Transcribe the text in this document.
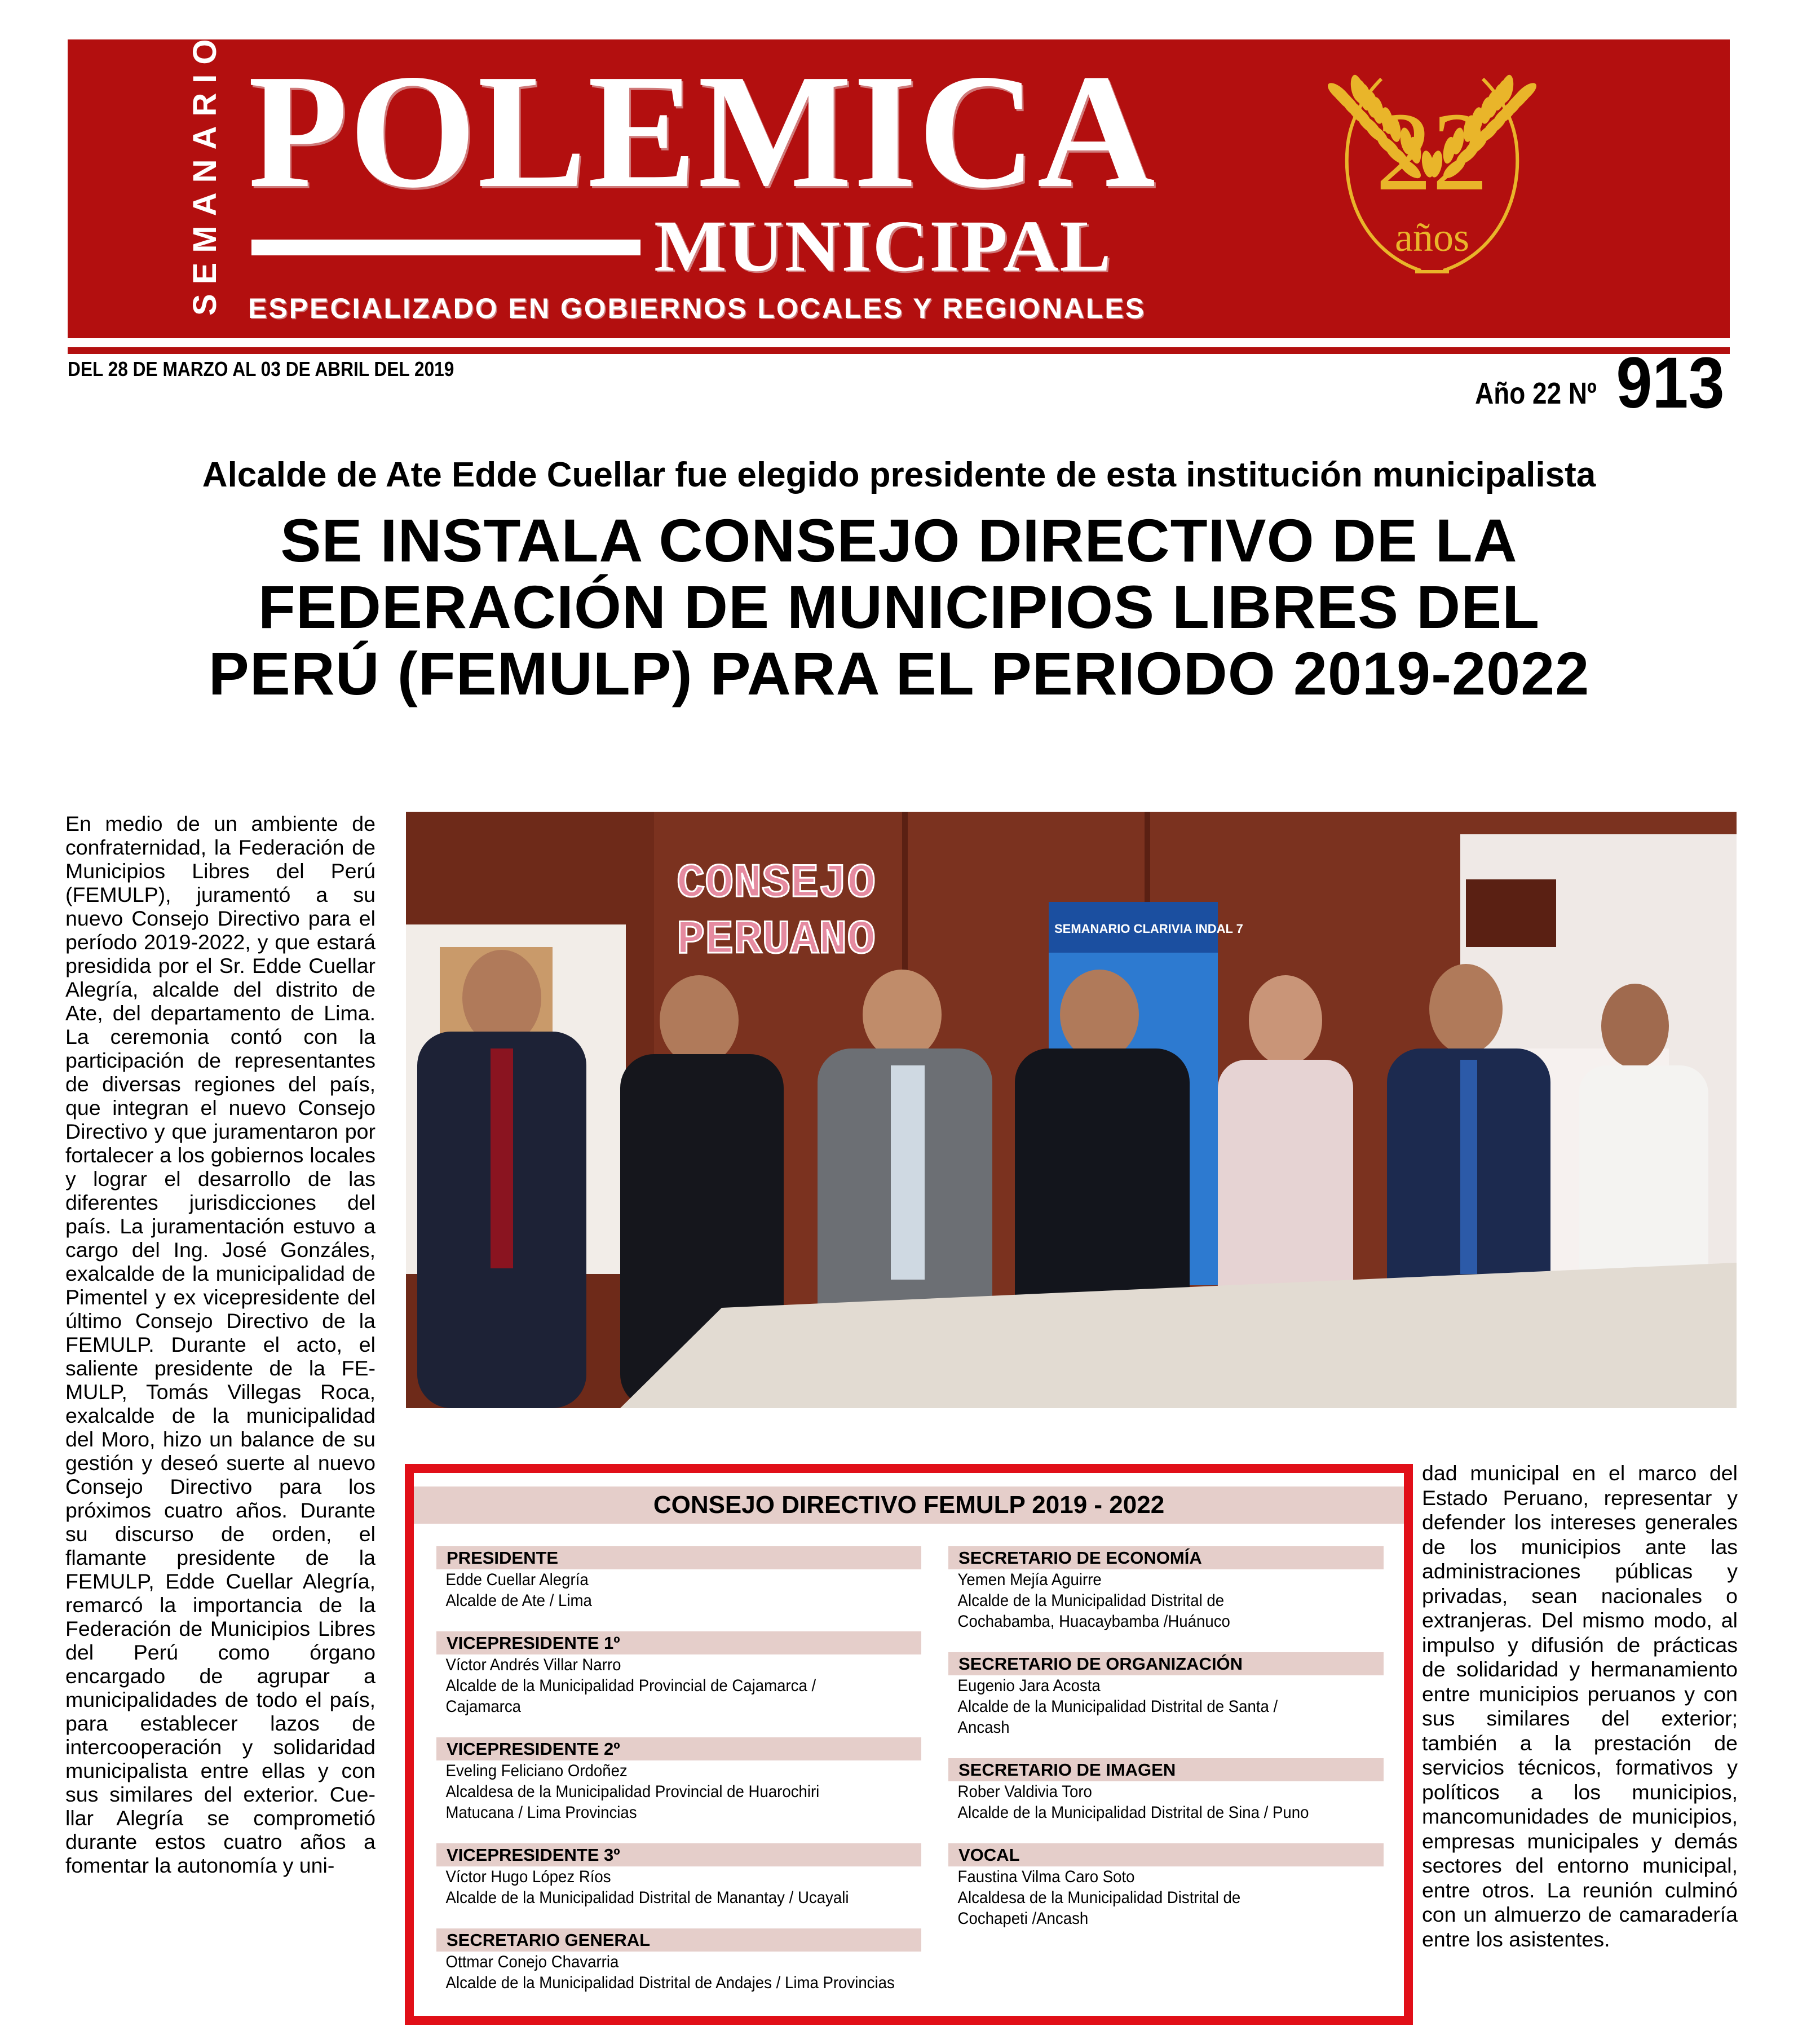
SEMANARIO POLEMICA
MUNICIPAL
ESPECIALIZADO EN GOBIERNOS LOCALES Y REGIONALES
22
años
DEL 28 DE MARZO AL 03 DE ABRIL DEL 2019
Año 22 Nº 913
Alcalde de Ate Edde Cuellar fue elegido presidente de esta institución municipalista
SE INSTALA CONSEJO DIRECTIVO DE LA
FEDERACIÓN DE MUNICIPIOS LIBRES DEL
PERÚ (FEMULP) PARA EL PERIODO 2019-2022
En medio de un ambiente de confraternidad, la Federación de Municipios Libres del Perú (FEMULP), juramentó a su nuevo Consejo Directivo para el período 2019-2022, y que estará presidida por el Sr. Edde Cuellar Alegría, alcalde del distrito de Ate, del departamento de Lima. La ceremonia contó con la participación de representantes de diversas regiones del país, que integran el nuevo Consejo Directivo y que juramentaron por fortalecer a los gobiernos locales y lograr el desarrollo de las diferentes jurisdicciones del país. La juramentación estuvo a cargo del Ing. José Gonzáles, exalcalde de la municipalidad de Pimentel y ex vicepresidente del último Consejo Directivo de la FEMULP. Durante el acto, el saliente presidente de la FEMULP, Tomás Villegas Roca, exalcalde de la municipalidad del Moro, hizo un balance de su gestión y deseó suerte al nuevo Consejo Directivo para los próximos cuatro años. Durante su discurso de orden, el flamante presidente de la FEMULP, Edde Cuellar Alegría, remarcó la importancia de la Federación de Municipios Libres del Perú como órgano encargado de agrupar a municipalidades de todo el país, para establecer lazos de intercooperación y solidaridad municipalista entre ellas y con sus similares del exterior. Cuellar Alegría se comprometió durante estos cuatro años a fomentar la autonomía y uni-
dad municipal en el marco del Estado Peruano, representar y defender los intereses generales de los municipios ante las administraciones públicas y privadas, sean nacionales o extranjeras. Del mismo modo, al impulso y difusión de prácticas de solidaridad y hermanamiento entre municipios peruanos y con sus similares del exterior; también a la prestación de servicios técnicos, formativos y políticos a los municipios, mancomunidades de municipios, empresas municipales y demás sectores del entorno municipal, entre otros. La reunión culminó con un almuerzo de camaradería entre los asistentes.
CONSEJO
PERUANO	SEMANARIO CLARIVIA INDAL 7
CONSEJO DIRECTIVO FEMULP 2019 - 2022
PRESIDENTE
Edde Cuellar Alegría
Alcalde de Ate / Lima
VICEPRESIDENTE 1º
Víctor Andrés Villar Narro
Alcalde de la Municipalidad Provincial de Cajamarca /
Cajamarca
VICEPRESIDENTE 2º
Eveling Feliciano Ordoñez
Alcaldesa de la Municipalidad Provincial de Huarochiri
Matucana / Lima Provincias
VICEPRESIDENTE 3º
Víctor Hugo López Ríos
Alcalde de la Municipalidad Distrital de Manantay / Ucayali
SECRETARIO GENERAL
Ottmar Conejo Chavarria
Alcalde de la Municipalidad Distrital de Andajes / Lima Provincias
SECRETARIO DE ECONOMÍA
Yemen Mejía Aguirre
Alcalde de la Municipalidad Distrital de
Cochabamba, Huacaybamba /Huánuco
SECRETARIO DE ORGANIZACIÓN
Eugenio Jara Acosta
Alcalde de la Municipalidad Distrital de Santa /
Ancash
SECRETARIO DE IMAGEN
Rober Valdivia Toro
Alcalde de la Municipalidad Distrital de Sina / Puno
VOCAL
Faustina Vilma Caro Soto
Alcaldesa de la Municipalidad Distrital de
Cochapeti /Ancash
